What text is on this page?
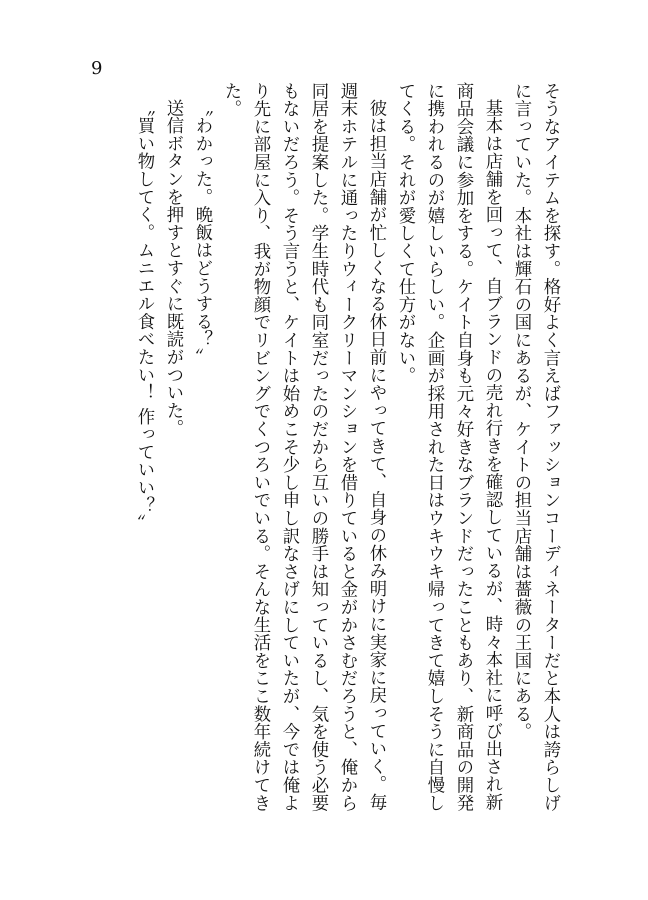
9

そうなアイテムを探す。格好よく言えばファッションコーディネーターだと本人は誇らしげ
に言っていた。本社は輝石の国にあるが、ケイトの担当店舗は薔薇の王国にある。

基本は店舗を回って、自ブランドの売れ行きを確認しているが、時々本社に呼び出され新
商品会議に参加をする。ケイト自身も元々好きなブランドだったこともあり、新商品の開発
に携われるのが嬉しいらしい。企画が採用された日はウキウキ帰ってきて嬉しそうに自慢し
てくる。それが愛しくて仕方がない。

彼は担当店舗が忙しくなる休日前にやってきて、自身の休み明けに実家に戻っていく。毎
週末ホテルに通ったりウィークリーマンションを借りていると金がかさむだろうと、俺から
同居を提案した。学生時代も同室だったのだから互いの勝手は知っているし、気を使う必要
もないだろう。そう言うと、ケイトは始めこそ少し申し訳なさげにしていたが、今では俺よ
り先に部屋に入り、我が物顔でリビングでくつろいでいる。そんな生活をここ数年続けてき
た。

〝わかった。晩飯はどうする？〟

送信ボタンを押すとすぐに既読がついた。

〝買い物してく。ムニエル食べたい！ 作っていい？〟
